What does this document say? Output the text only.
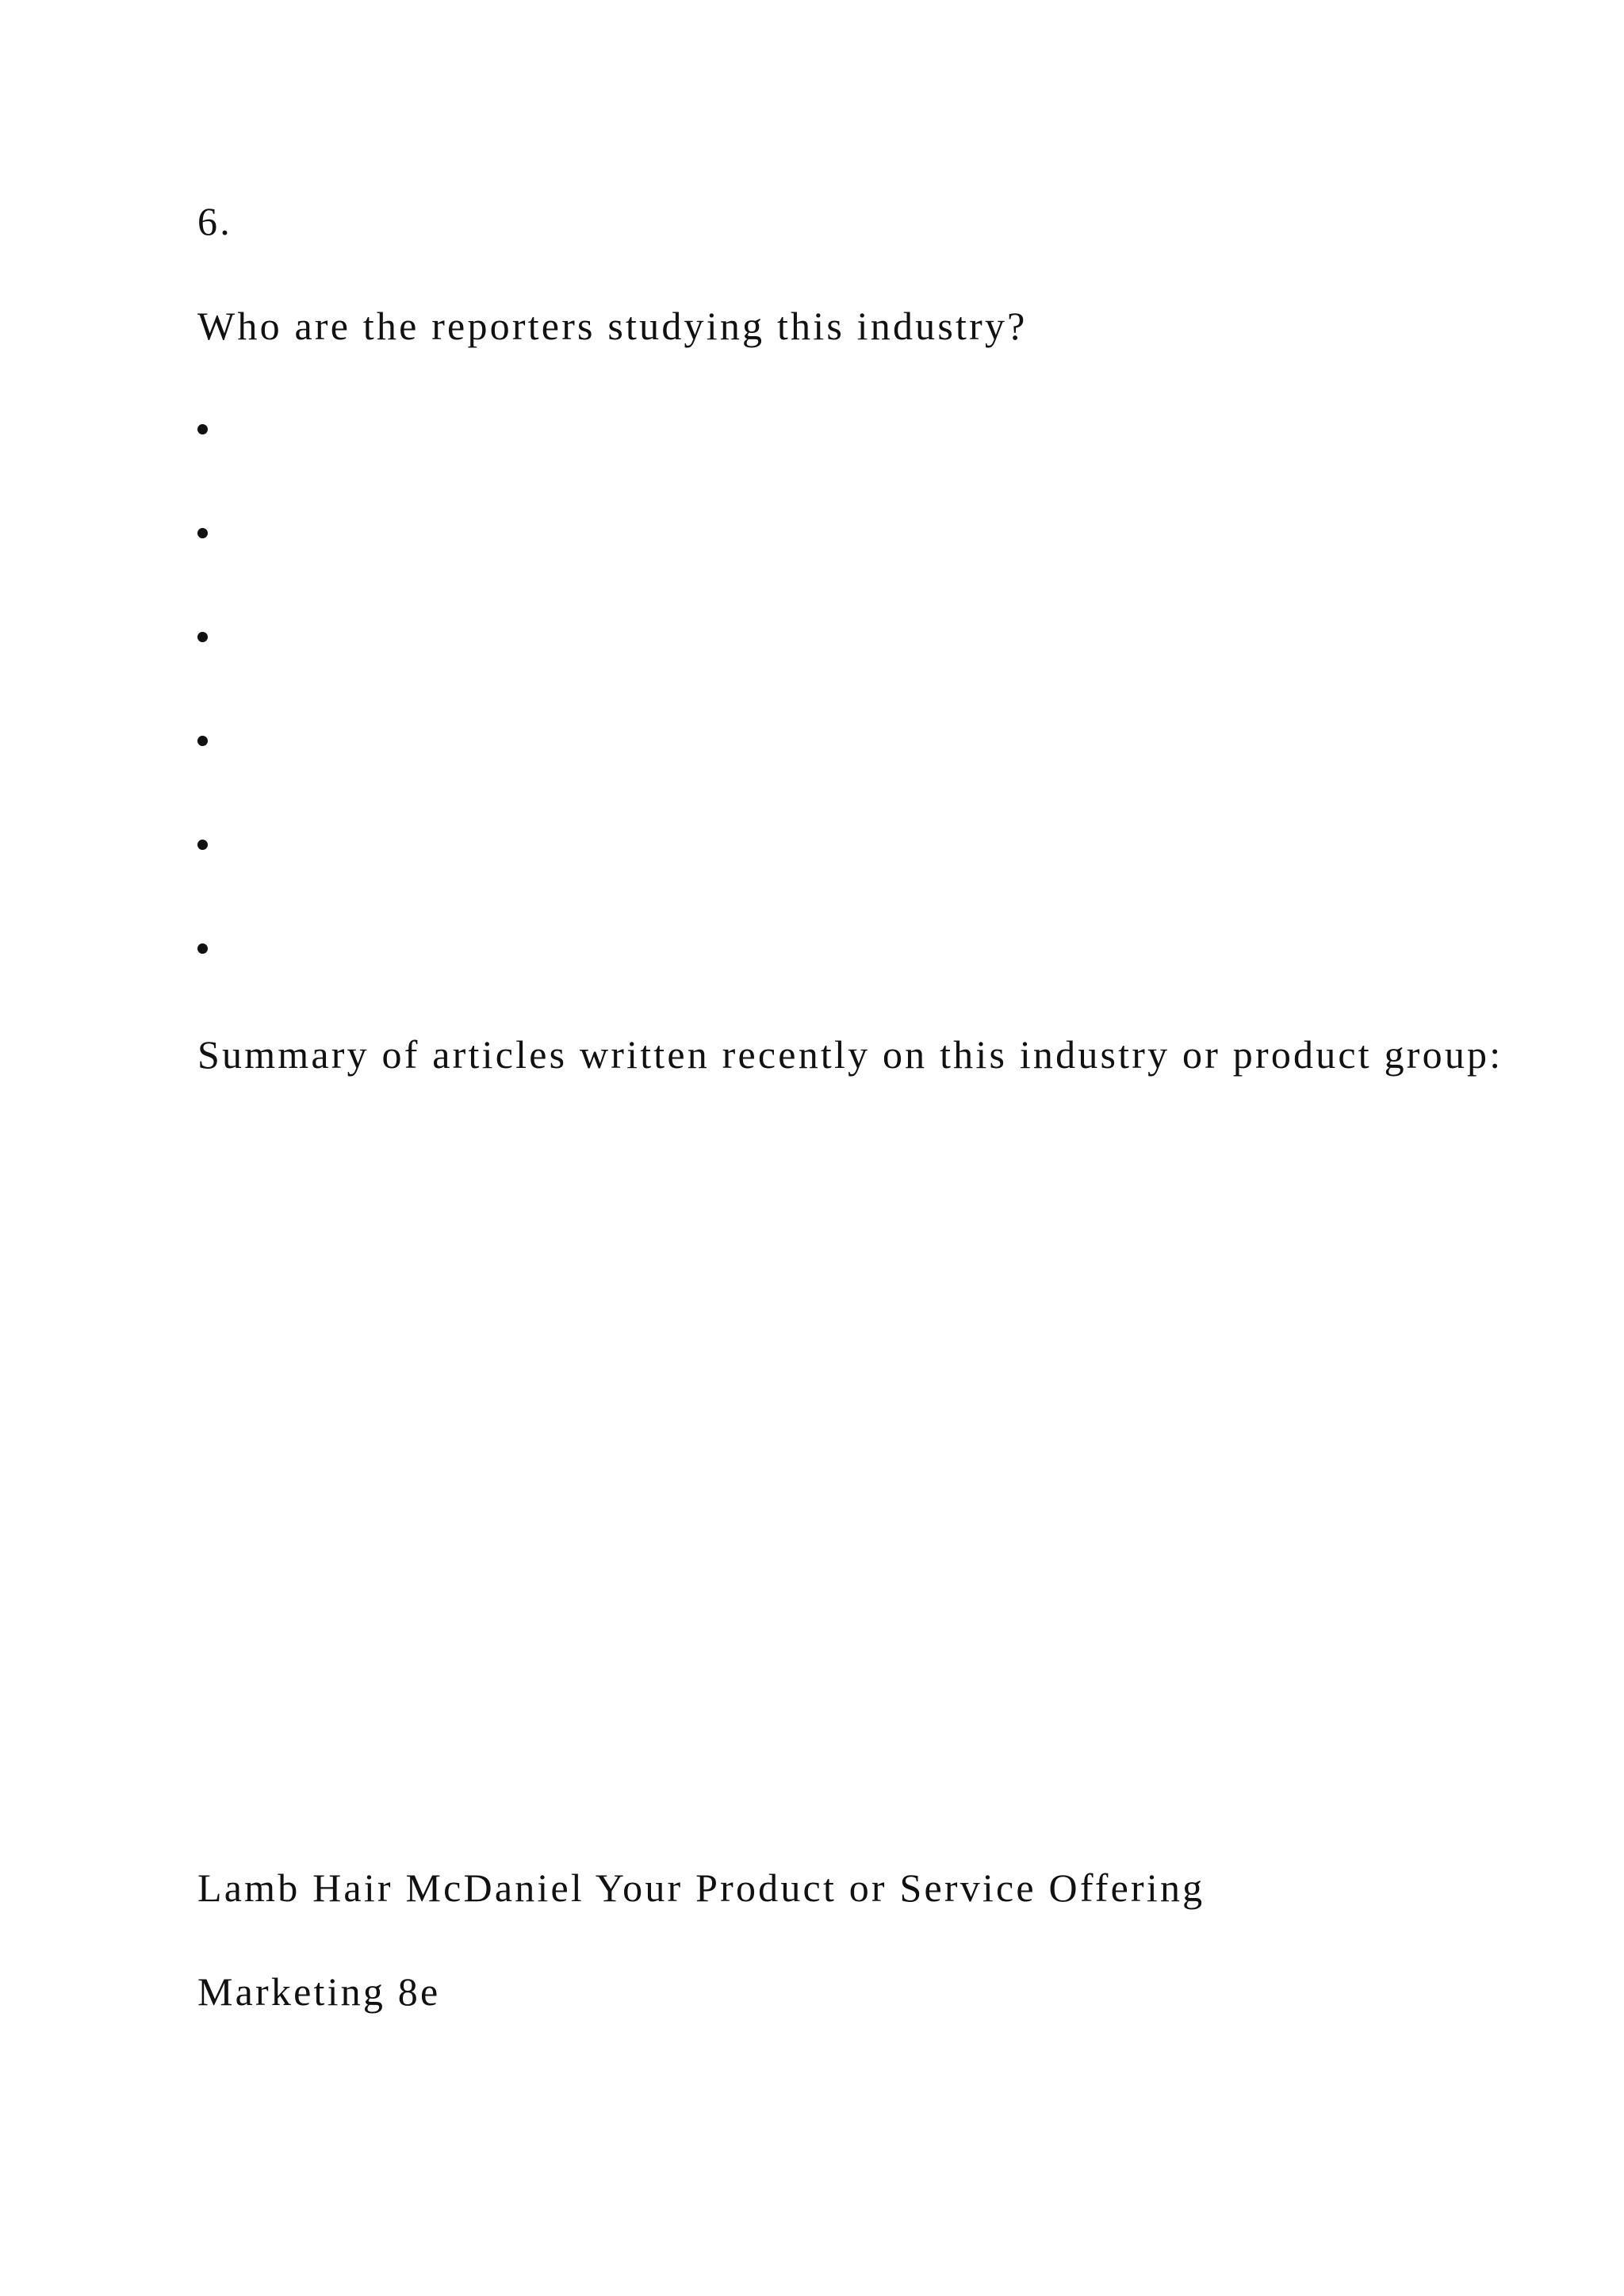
6.
Who are the reporters studying this industry?
Summary of articles written recently on this industry or product group:
Lamb Hair McDaniel Your Product or Service Offering
Marketing 8e
